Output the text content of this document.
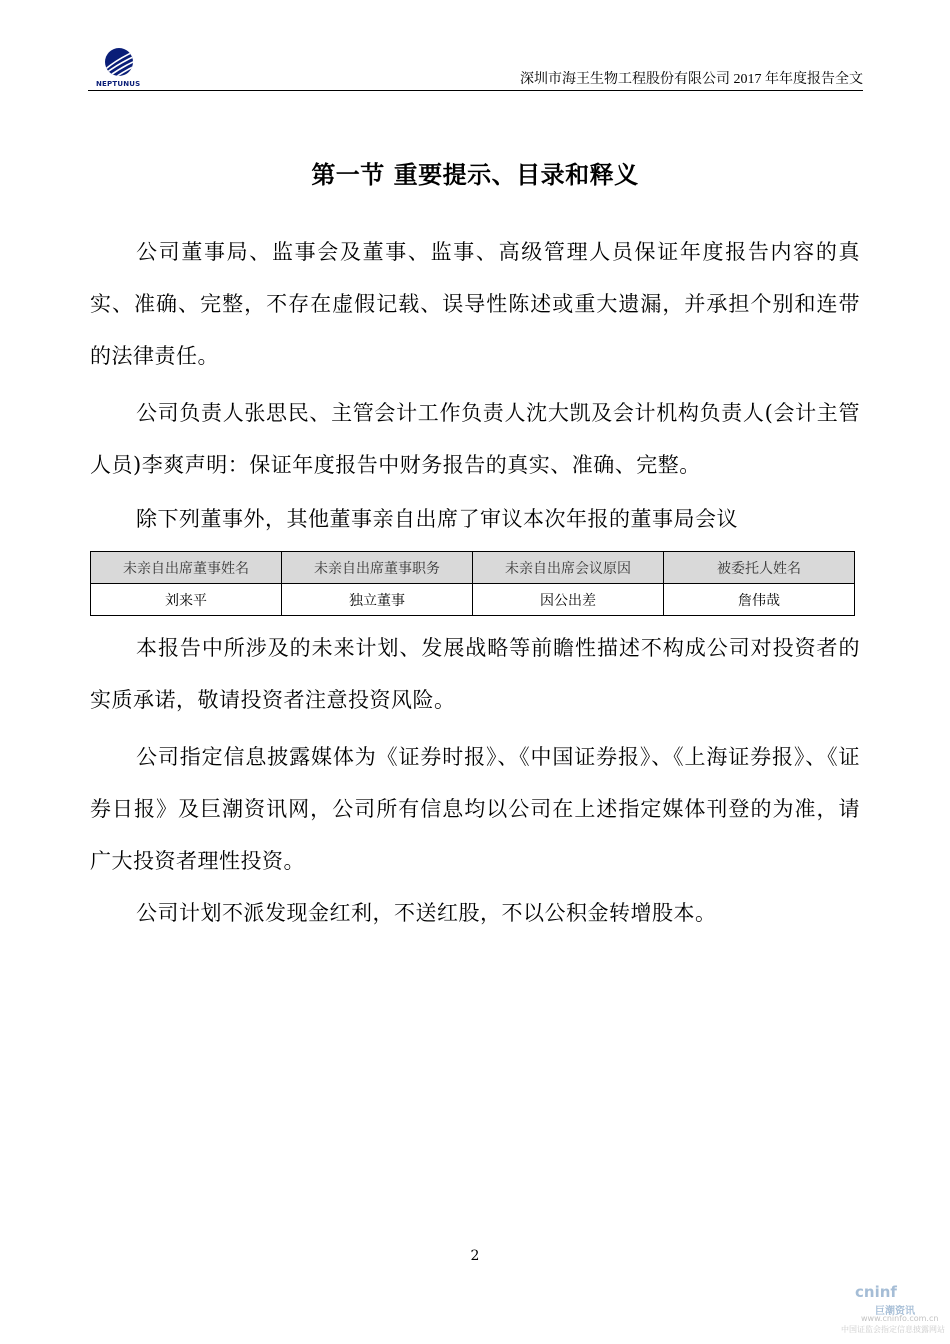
NEPTUNUS	深圳市海王生物工程股份有限公司 2017 年年度报告全文
第一节 重要提示、目录和释义
公司董事局、监事会及董事、监事、高级管理人员保证年度报告内容的真实、准确、完整，不存在虚假记载、误导性陈述或重大遗漏，并承担个别和连带的法律责任。
公司负责人张思民、主管会计工作负责人沈大凯及会计机构负责人(会计主管人员)李爽声明：保证年度报告中财务报告的真实、准确、完整。
除下列董事外，其他董事亲自出席了审议本次年报的董事局会议
未亲自出席董事姓名	未亲自出席董事职务	未亲自出席会议原因	被委托人姓名
刘来平	独立董事	因公出差	詹伟哉
本报告中所涉及的未来计划、发展战略等前瞻性描述不构成公司对投资者的实质承诺，敬请投资者注意投资风险。
公司指定信息披露媒体为《证券时报》、《中国证券报》、《上海证券报》、《证券日报》及巨潮资讯网，公司所有信息均以公司在上述指定媒体刊登的为准，请广大投资者理性投资。
公司计划不派发现金红利，不送红股，不以公积金转增股本。
2
cninf
巨潮资讯
www.cninfo.com.cn
中国证监会指定信息披露网站
